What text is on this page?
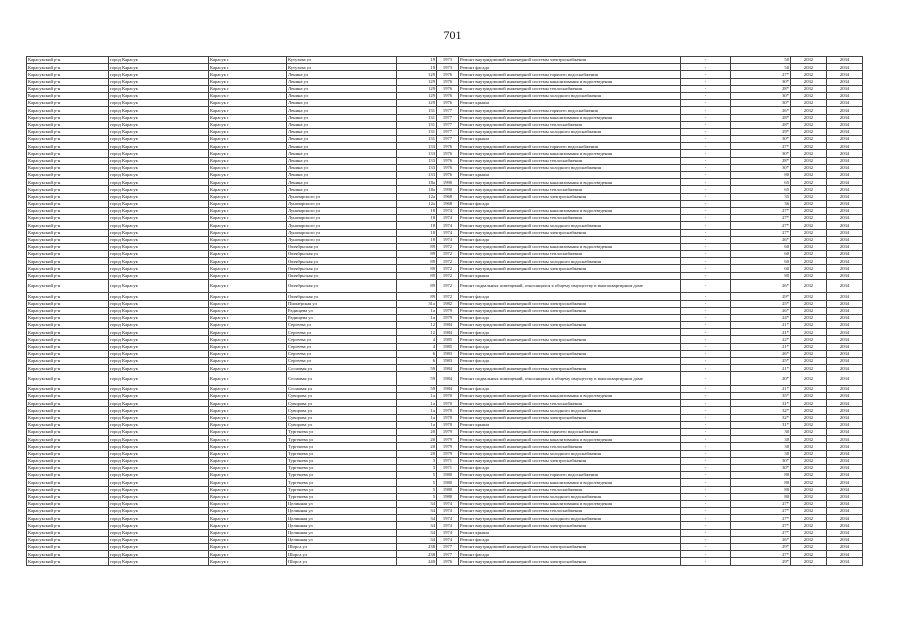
701
Карасукский р-н	город Карасук	Карасук г	Кутузова ул	19	1973	Ремонт внутридомовой инженерной системы электроснабжения	-	50	2032	2034
Карасукский р-н	город Карасук	Карасук г	Кутузова ул	19	1973	Ремонт фасада	-	50	2032	2034
Карасукский р-н	город Карасук	Карасук г	Ленина ул	129	1976	Ремонт внутридомовой инженерной системы горячего водоснабжения	-	27*	2032	2034
Карасукский р-н	город Карасук	Карасук г	Ленина ул	129	1976	Ремонт внутридомовой инженерной системы канализования и водоотведения	-	30*	2032	2034
Карасукский р-н	город Карасук	Карасук г	Ленина ул	129	1976	Ремонт внутридомовой инженерной системы теплоснабжения	-	28*	2032	2034
Карасукский р-н	город Карасук	Карасук г	Ленина ул	129	1976	Ремонт внутридомовой инженерной системы холодного водоснабжения	-	30*	2032	2034
Карасукский р-н	город Карасук	Карасук г	Ленина ул	129	1976	Ремонт крыши	-	30*	2032	2034
Карасукский р-н	город Карасук	Карасук г	Ленина ул	131	1977	Ремонт внутридомовой инженерной системы горячего водоснабжения	-	26*	2032	2034
Карасукский р-н	город Карасук	Карасук г	Ленина ул	131	1977	Ремонт внутридомовой инженерной системы канализования и водоотведения	-	28*	2032	2034
Карасукский р-н	город Карасук	Карасук г	Ленина ул	131	1977	Ремонт внутридомовой инженерной системы теплоснабжения	-	28*	2032	2034
Карасукский р-н	город Карасук	Карасук г	Ленина ул	131	1977	Ремонт внутридомовой инженерной системы холодного водоснабжения	-	29*	2032	2034
Карасукский р-н	город Карасук	Карасук г	Ленина ул	131	1977	Ремонт крыши	-	30*	2032	2034
Карасукский р-н	город Карасук	Карасук г	Ленина ул	133	1976	Ремонт внутридомовой инженерной системы горячего водоснабжения	-	27*	2032	2034
Карасукский р-н	город Карасук	Карасук г	Ленина ул	133	1976	Ремонт внутридомовой инженерной системы канализования и водоотведения	-	30*	2032	2034
Карасукский р-н	город Карасук	Карасук г	Ленина ул	133	1976	Ремонт внутридомовой инженерной системы теплоснабжения	-	28*	2032	2034
Карасукский р-н	город Карасук	Карасук г	Ленина ул	133	1976	Ремонт внутридомовой инженерной системы холодного водоснабжения	-	30*	2032	2034
Карасукский р-н	город Карасук	Карасук г	Ленина ул	133	1976	Ремонт крыши	-	80	2032	2034
Карасукский р-н	город Карасук	Карасук г	Ленина ул	18а	1990	Ремонт внутридомовой инженерной системы канализования и водоотведения	-	65	2032	2034
Карасукский р-н	город Карасук	Карасук г	Ленина ул	18а	1990	Ремонт внутридомовой инженерной системы теплоснабжения	-	65	2032	2034
Карасукский р-н	город Карасук	Карасук г	Луначарского ул	12а	1968	Ремонт внутридомовой инженерной системы электроснабжения	-	35	2032	2034
Карасукский р-н	город Карасук	Карасук г	Луначарского ул	12а	1968	Ремонт фасада	-	36	2032	2034
Карасукский р-н	город Карасук	Карасук г	Луначарского ул	18	1974	Ремонт внутридомовой инженерной системы канализования и водоотведения	-	27*	2032	2034
Карасукский р-н	город Карасук	Карасук г	Луначарского ул	18	1974	Ремонт внутридомовой инженерной системы теплоснабжения	-	27*	2032	2034
Карасукский р-н	город Карасук	Карасук г	Луначарского ул	18	1974	Ремонт внутридомовой инженерной системы холодного водоснабжения	-	27*	2032	2034
Карасукский р-н	город Карасук	Карасук г	Луначарского ул	18	1974	Ремонт внутридомовой инженерной системы электроснабжения	-	27*	2032	2034
Карасукский р-н	город Карасук	Карасук г	Луначарского ул	18	1974	Ремонт фасада	-	26*	2032	2034
Карасукский р-н	город Карасук	Карасук г	Октябрьская ул	89	1972	Ремонт внутридомовой инженерной системы канализования и водоотведения	-	60	2032	2034
Карасукский р-н	город Карасук	Карасук г	Октябрьская ул	89	1972	Ремонт внутридомовой инженерной системы теплоснабжения	-	60	2032	2034
Карасукский р-н	город Карасук	Карасук г	Октябрьская ул	89	1972	Ремонт внутридомовой инженерной системы холодного водоснабжения	-	60	2032	2034
Карасукский р-н	город Карасук	Карасук г	Октябрьская ул	89	1972	Ремонт внутридомовой инженерной системы электроснабжения	-	60	2032	2034
Карасукский р-н	город Карасук	Карасук г	Октябрьская ул	89	1972	Ремонт крыши	-	80	2032	2034
Карасукский р-н	город Карасук	Карасук г	Октябрьская ул	89	1972	Ремонт подвальных помещений, относящихся к общему имуществу в многоквартирном доме	-	26*	2032	2034
Карасукский р-н	город Карасук	Карасук г	Октябрьская ул	89	1972	Ремонт фасада	-	29*	2032	2034
Карасукский р-н	город Карасук	Карасук г	Пионерская ул	31а	1982	Ремонт внутридомовой инженерной системы электроснабжения	-	25*	2032	2034
Карасукский р-н	город Карасук	Карасук г	Радищева ул	1а	1979	Ремонт внутридомовой инженерной системы электроснабжения	-	26*	2032	2034
Карасукский р-н	город Карасук	Карасук г	Радищева ул	1а	1979	Ремонт фасада	-	24*	2032	2034
Карасукский р-н	город Карасук	Карасук г	Сергеева ул	12	1984	Ремонт внутридомовой инженерной системы электроснабжения	-	21*	2032	2034
Карасукский р-н	город Карасук	Карасук г	Сергеева ул	12	1984	Ремонт фасада	-	21*	2032	2034
Карасукский р-н	город Карасук	Карасук г	Сергеева ул	4	1985	Ремонт внутридомовой инженерной системы электроснабжения	-	22*	2032	2034
Карасукский р-н	город Карасук	Карасук г	Сергеева ул	4	1985	Ремонт фасада	-	21*	2032	2034
Карасукский р-н	город Карасук	Карасук г	Сергеева ул	6	1983	Ремонт внутридомовой инженерной системы электроснабжения	-	26*	2032	2034
Карасукский р-н	город Карасук	Карасук г	Сергеева ул	6	1983	Ремонт фасада	-	25*	2032	2034
Карасукский р-н	город Карасук	Карасук г	Сосновая ул	59	1984	Ремонт внутридомовой инженерной системы электроснабжения	-	21*	2032	2034
Карасукский р-н	город Карасук	Карасук г	Сосновая ул	59	1984	Ремонт подвальных помещений, относящихся к общему имуществу в многоквартирном доме	-	20*	2032	2034
Карасукский р-н	город Карасук	Карасук г	Сосновая ул	59	1984	Ремонт фасада	-	21*	2032	2034
Карасукский р-н	город Карасук	Карасук г	Суворова ул	1а	1970	Ремонт внутридомовой инженерной системы канализования и водоотведения	-	35*	2032	2034
Карасукский р-н	город Карасук	Карасук г	Суворова ул	1а	1970	Ремонт внутридомовой инженерной системы теплоснабжения	-	31*	2032	2034
Карасукский р-н	город Карасук	Карасук г	Суворова ул	1а	1970	Ремонт внутридомовой инженерной системы холодного водоснабжения	-	32*	2032	2034
Карасукский р-н	город Карасук	Карасук г	Суворова ул	1а	1970	Ремонт внутридомовой инженерной системы электроснабжения	-	32*	2032	2034
Карасукский р-н	город Карасук	Карасук г	Суворова ул	1а	1970	Ремонт крыши	-	31*	2032	2034
Карасукский р-н	город Карасук	Карасук г	Тургенева ул	20	1979	Ремонт внутридомовой инженерной системы горячего водоснабжения	-	30	2032	2034
Карасукский р-н	город Карасук	Карасук г	Тургенева ул	20	1979	Ремонт внутридомовой инженерной системы канализования и водоотведения	-	30	2032	2034
Карасукский р-н	город Карасук	Карасук г	Тургенева ул	20	1979	Ремонт внутридомовой инженерной системы теплоснабжения	-	30	2032	2034
Карасукский р-н	город Карасук	Карасук г	Тургенева ул	20	1979	Ремонт внутридомовой инженерной системы холодного водоснабжения	-	30	2032	2034
Карасукский р-н	город Карасук	Карасук г	Тургенева ул	3	1971	Ремонт внутридомовой инженерной системы электроснабжения	-	30*	2032	2034
Карасукский р-н	город Карасук	Карасук г	Тургенева ул	3	1971	Ремонт фасада	-	30*	2032	2034
Карасукский р-н	город Карасук	Карасук г	Тургенева ул	5	1980	Ремонт внутридомовой инженерной системы горячего водоснабжения	-	80	2032	2034
Карасукский р-н	город Карасук	Карасук г	Тургенева ул	5	1980	Ремонт внутридомовой инженерной системы канализования и водоотведения	-	80	2032	2034
Карасукский р-н	город Карасук	Карасук г	Тургенева ул	5	1980	Ремонт внутридомовой инженерной системы теплоснабжения	-	80	2032	2034
Карасукский р-н	город Карасук	Карасук г	Тургенева ул	5	1980	Ремонт внутридомовой инженерной системы холодного водоснабжения	-	80	2032	2034
Карасукский р-н	город Карасук	Карасук г	Целинная ул	34	1974	Ремонт внутридомовой инженерной системы канализования и водоотведения	-	27*	2032	2034
Карасукский р-н	город Карасук	Карасук г	Целинная ул	34	1974	Ремонт внутридомовой инженерной системы теплоснабжения	-	27*	2032	2034
Карасукский р-н	город Карасук	Карасук г	Целинная ул	34	1974	Ремонт внутридомовой инженерной системы холодного водоснабжения	-	27*	2032	2034
Карасукский р-н	город Карасук	Карасук г	Целинная ул	34	1974	Ремонт внутридомовой инженерной системы электроснабжения	-	27*	2032	2034
Карасукский р-н	город Карасук	Карасук г	Целинная ул	34	1974	Ремонт крыши	-	27*	2032	2034
Карасукский р-н	город Карасук	Карасук г	Целинная ул	34	1974	Ремонт фасада	-	26*	2032	2034
Карасукский р-н	город Карасук	Карасук г	Шорса ул	238	1977	Ремонт внутридомовой инженерной системы электроснабжения	-	29*	2032	2034
Карасукский р-н	город Карасук	Карасук г	Шорса ул	238	1977	Ремонт фасада	-	27*	2032	2034
Карасукский р-н	город Карасук	Карасук г	Шорса ул	240	1976	Ремонт внутридомовой инженерной системы электроснабжения	-	29*	2032	2034
